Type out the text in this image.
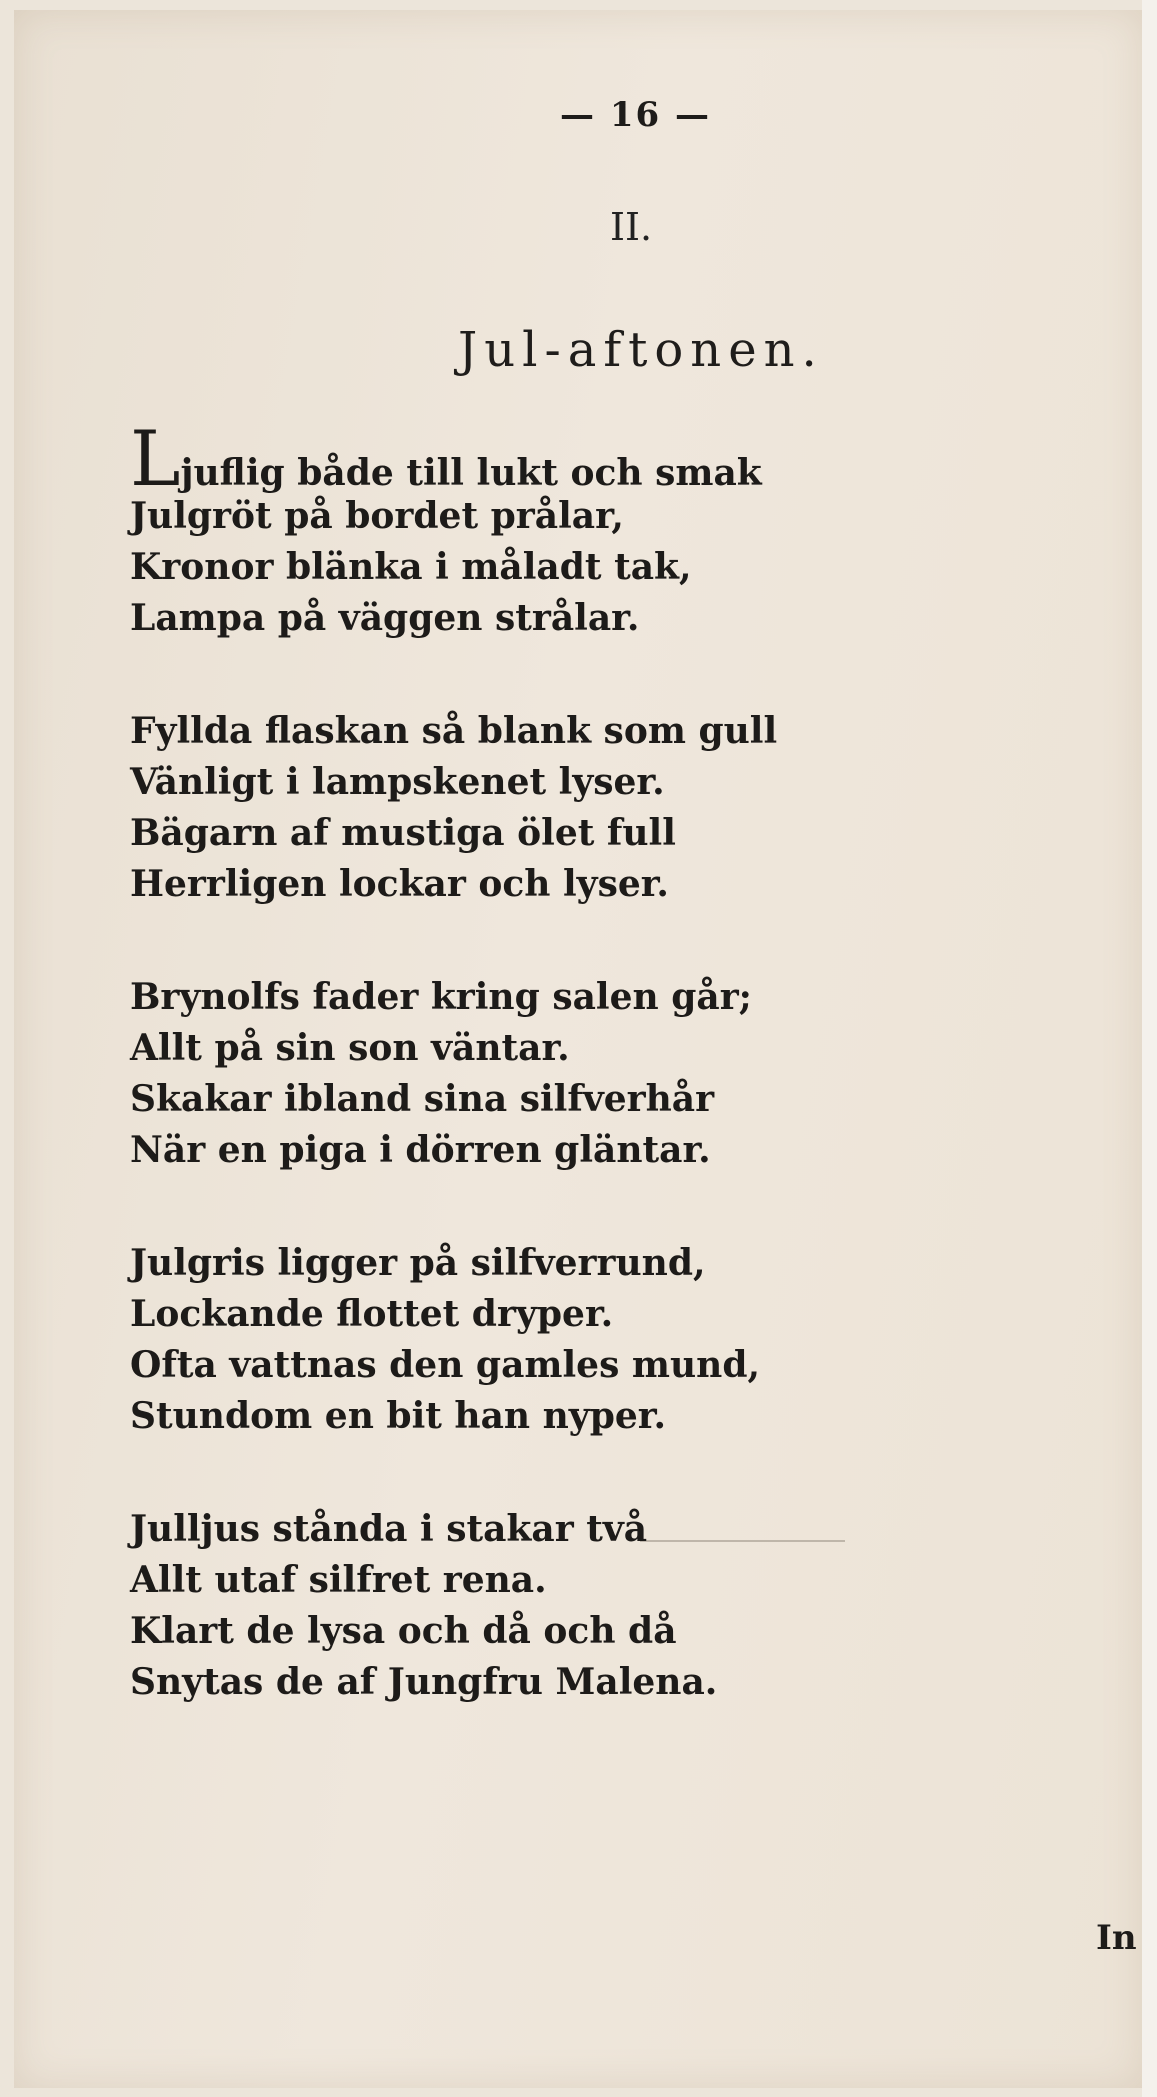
— 16 —
II.
Jul-aftonen.
Ljuflig både till lukt och smak
Julgröt på bordet prålar,
Kronor blänka i måladt tak,
Lampa på väggen strålar.
Fyllda flaskan så blank som gull
Vänligt i lampskenet lyser.
Bägarn af mustiga ölet full
Herrligen lockar och lyser.
Brynolfs fader kring salen går;
Allt på sin son väntar.
Skakar ibland sina silfverhår
När en piga i dörren gläntar.
Julgris ligger på silfverrund,
Lockande flottet dryper.
Ofta vattnas den gamles mund,
Stundom en bit han nyper.
Julljus stånda i stakar två
Allt utaf silfret rena.
Klart de lysa och då och då
Snytas de af Jungfru Malena.
In
